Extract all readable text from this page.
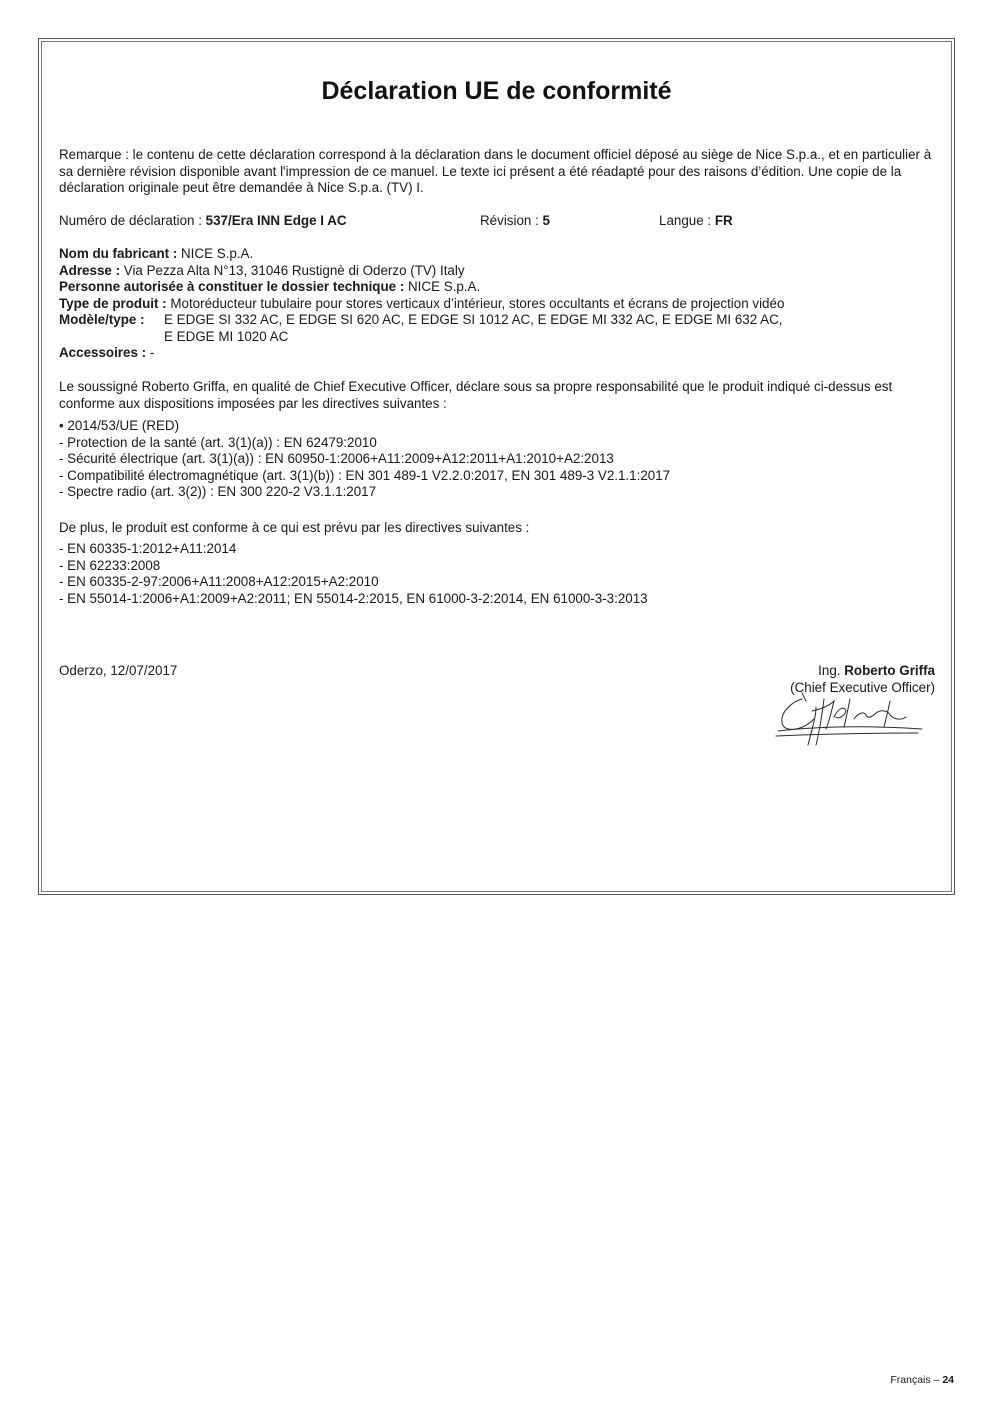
Déclaration UE de conformité

Remarque : le contenu de cette déclaration correspond à la déclaration dans le document officiel déposé au siège de Nice S.p.a., et en particulier à sa dernière révision disponible avant l'impression de ce manuel. Le texte ici présent a été réadapté pour des raisons d’édition. Une copie de la déclaration originale peut être demandée à Nice S.p.a. (TV) I.

Numéro de déclaration : 537/Era INN Edge I AC	Révision : 5	Langue : FR
Nom du fabricant : NICE S.p.A.
Adresse : Via Pezza Alta N°13, 31046 Rustignè di Oderzo (TV) Italy
Personne autorisée à constituer le dossier technique : NICE S.p.A.
Type de produit : Motoréducteur tubulaire pour stores verticaux d’intérieur, stores occultants et écrans de projection vidéo
Modèle/type :	E EDGE SI 332 AC, E EDGE SI 620 AC, E EDGE SI 1012 AC, E EDGE MI 332 AC, E EDGE MI 632 AC,
E EDGE MI 1020 AC
Accessoires : -

Le soussigné Roberto Griffa, en qualité de Chief Executive Officer, déclare sous sa propre responsabilité que le produit indiqué ci-dessus est conforme aux dispositions imposées par les directives suivantes :

• 2014/53/UE (RED)
- Protection de la santé (art. 3(1)(a)) : EN 62479:2010
- Sécurité électrique (art. 3(1)(a)) : EN 60950-1:2006+A11:2009+A12:2011+A1:2010+A2:2013
- Compatibilité électromagnétique (art. 3(1)(b)) : EN 301 489-1 V2.2.0:2017, EN 301 489-3 V2.1.1:2017
- Spectre radio (art. 3(2)) : EN 300 220-2 V3.1.1:2017

De plus, le produit est conforme à ce qui est prévu par les directives suivantes :

- EN 60335-1:2012+A11:2014
- EN 62233:2008
- EN 60335-2-97:2006+A11:2008+A12:2015+A2:2010
- EN 55014-1:2006+A1:2009+A2:2011; EN 55014-2:2015, EN 61000-3-2:2014, EN 61000-3-3:2013
Oderzo, 12/07/2017	Ing. Roberto Griffa
(Chief Executive Officer)
Français – 24
